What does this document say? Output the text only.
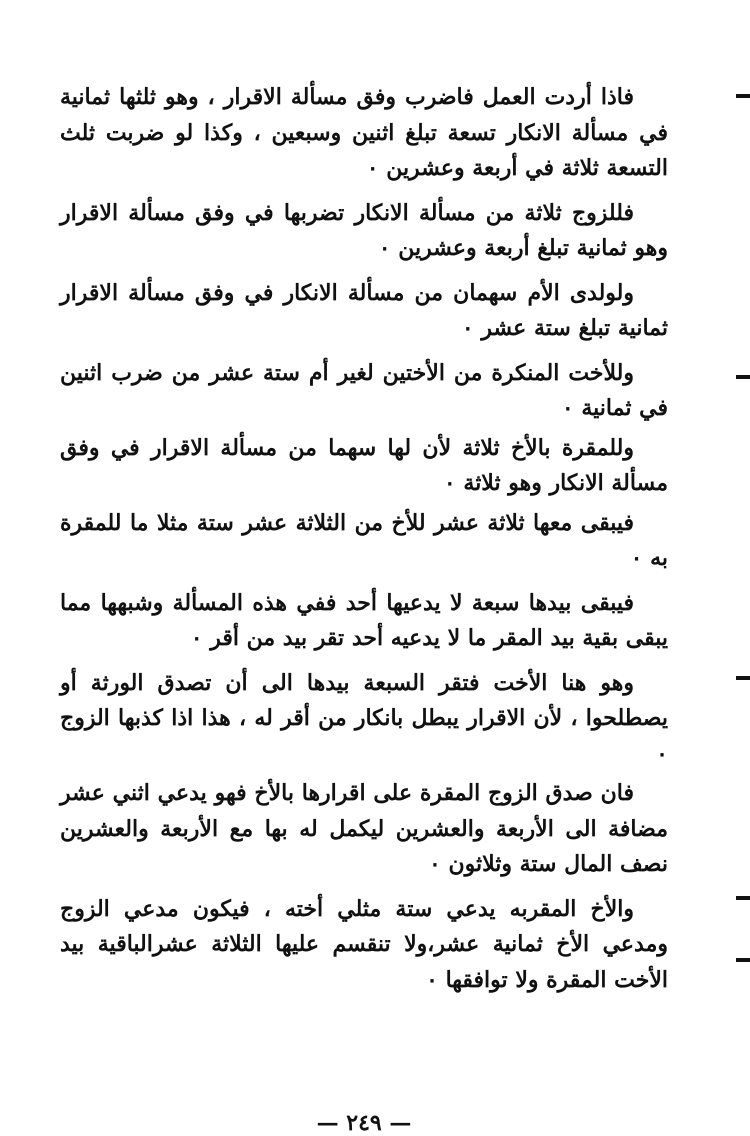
فاذا أردت العمل فاضرب وفق مسألة الاقرار ، وهو ثلثها ثمانية في مسألة الانكار تسعة تبلغ اثنين وسبعين ، وكذا لو ضربت ثلث التسعة ثلاثة في أربعة وعشرين ٠

فللزوج ثلاثة من مسألة الانكار تضربها في وفق مسألة الاقرار وهو ثمانية تبلغ أربعة وعشرين ٠

ولولدى الأم سهمان من مسألة الانكار في وفق مسألة الاقرار ثمانية تبلغ ستة عشر ٠

وللأخت المنكرة من الأختين لغير أم ستة عشر من ضرب اثنين في ثمانية ٠

وللمقرة بالأخ ثلاثة لأن لها سهما من مسألة الاقرار في وفق مسألة الانكار وهو ثلاثة ٠

فيبقى معها ثلاثة عشر للأخ من الثلاثة عشر ستة مثلا ما للمقرة به ٠

فيبقى بيدها سبعة لا يدعيها أحد ففي هذه المسألة وشبهها مما يبقى بقية بيد المقر ما لا يدعيه أحد تقر بيد من أقر ٠

وهو هنا الأخت فتقر السبعة بيدها الى أن تصدق الورثة أو يصطلحوا ، لأن الاقرار يبطل بانكار من أقر له ، هذا اذا كذبها الزوج ٠

فان صدق الزوج المقرة على اقرارها بالأخ فهو يدعي اثني عشر مضافة الى الأربعة والعشرين ليكمل له بها مع الأربعة والعشرين نصف المال ستة وثلاثون ٠

والأخ المقربه يدعي ستة مثلي أخته ، فيكون مدعي الزوج ومدعي الأخ ثمانية عشر،ولا تنقسم عليها الثلاثة عشرالباقية بيد الأخت المقرة ولا توافقها ٠

— ٢٤٩ —
